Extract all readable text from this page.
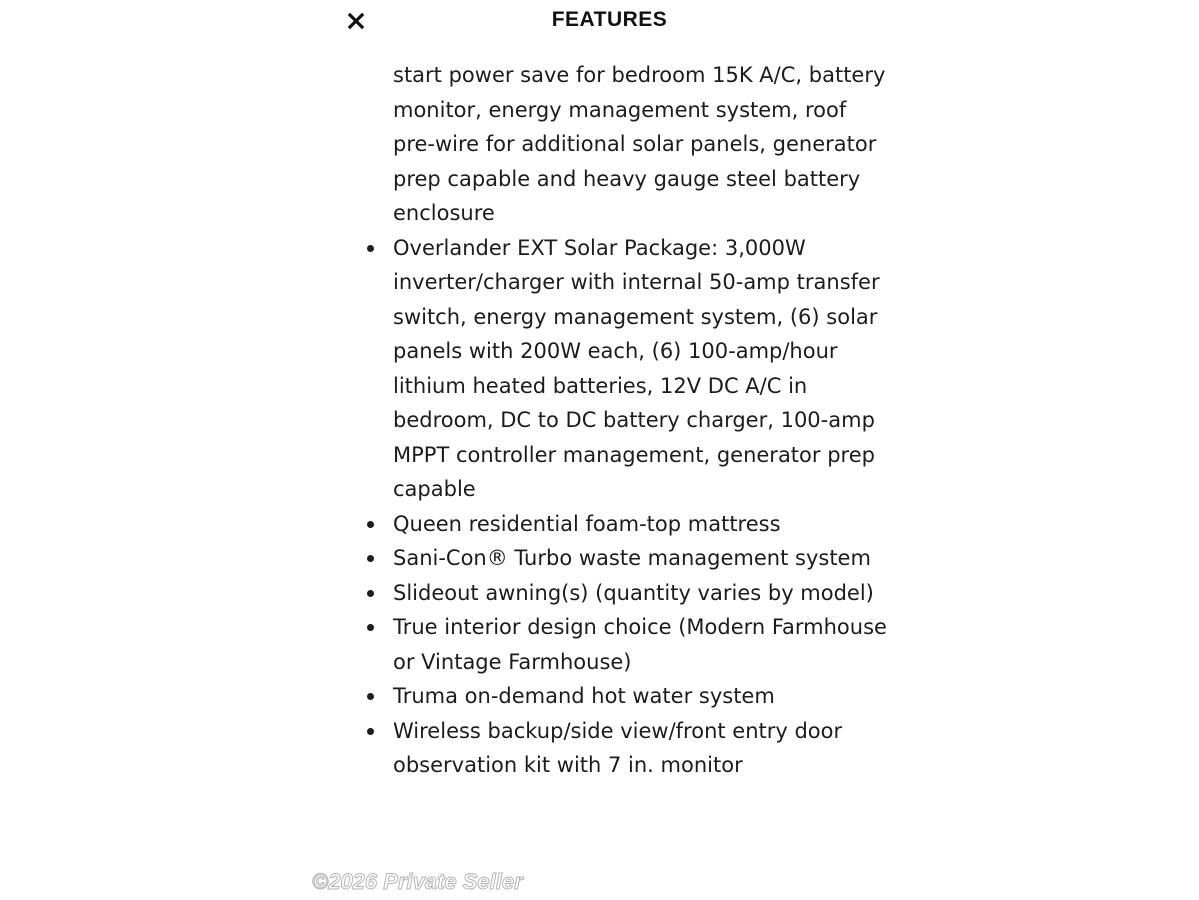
FEATURES

start power save for bedroom 15K A/C, battery monitor, energy management system, roof pre-wire for additional solar panels, generator prep capable and heavy gauge steel battery enclosure

Overlander EXT Solar Package: 3,000W inverter/charger with internal 50-amp transfer switch, energy management system, (6) solar panels with 200W each, (6) 100-amp/hour lithium heated batteries, 12V DC A/C in bedroom, DC to DC battery charger, 100-amp MPPT controller management, generator prep capable
Queen residential foam-top mattress
Sani-Con® Turbo waste management system
Slideout awning(s) (quantity varies by model)
True interior design choice (Modern Farmhouse or Vintage Farmhouse)
Truma on-demand hot water system
Wireless backup/side view/front entry door observation kit with 7 in. monitor
©2026 Private Seller
